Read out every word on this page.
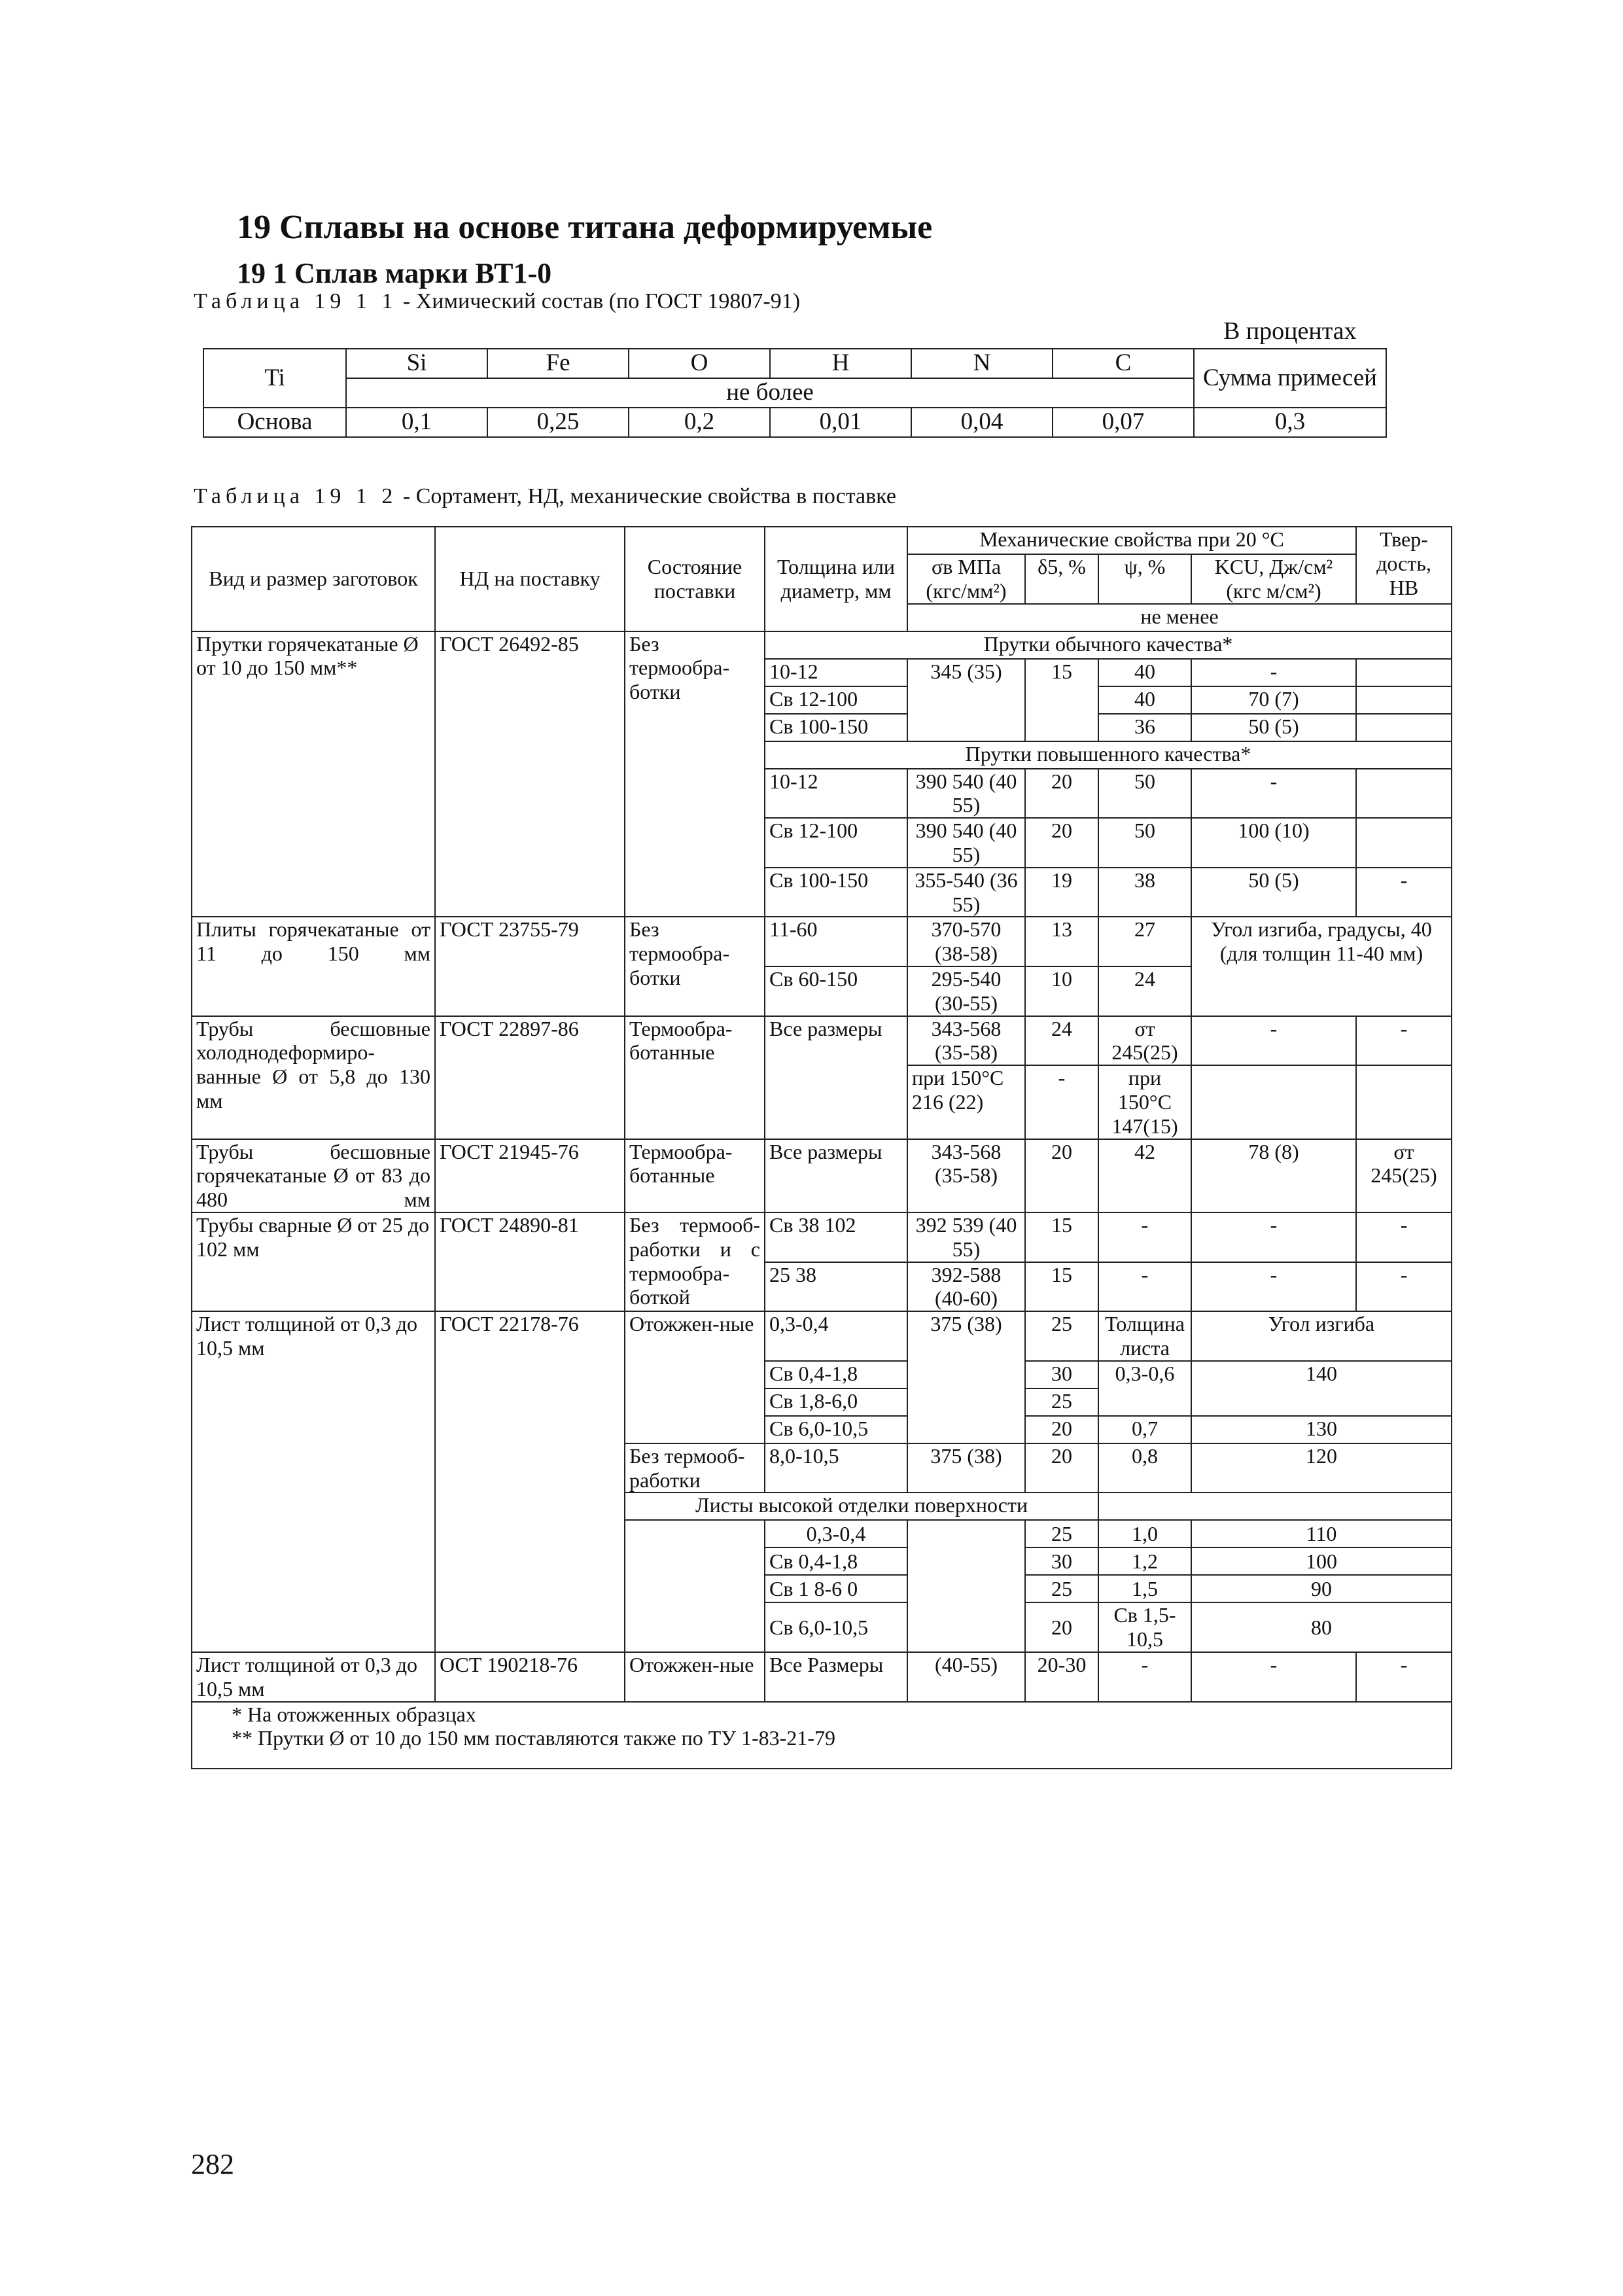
19 Сплавы на основе титана деформируемые
19 1 Сплав марки ВТ1-0
Таблица 19 1 1 - Химический состав (по ГОСТ 19807-91)
В процентах
Ti	Si	Fe	O	H	N	C	Сумма примесей
	не более						
Основа	0,1	0,25	0,2	0,01	0,04	0,07	0,3
Таблица 19 1 2 - Сортамент, НД, механические свойства в поставке
Вид и размер заготовок	НД на поставку	Состояние поставки	Толщина или диаметр, мм	Механические свойства при 20 °С				Твер-дость, НВ
				σв МПа (кгс/мм²)	δ5, %	ψ, %	KCU, Дж/см² (кгс м/см²)	
				не менее				
Прутки горячекатаные Ø от 10 до 150 мм**	ГОСТ 26492-85	Без термообра-ботки	Прутки обычного качества*					
			10-12	345 (35)	15	40	-	
			Св 12-100			40	70 (7)	
			Св 100-150			36	50 (5)	
			Прутки повышенного качества*					
			10-12	390 540 (40 55)	20	50	-	

			Св 12-100	390 540 (40 55)	20	50	100 (10)	

			Св 100-150	355-540 (36 55)	19	38	50 (5)	-

Плиты горячекатаные от 11 до 150 мм	ГОСТ 23755-79	Без термообра-ботки	11-60	370-570 (38-58)	13	27	Угол изгиба, градусы, 40 (для толщин 11-40 мм)	

			Св 60-150	295-540 (30-55)	10	24		

Трубы бесшовные холоднодеформиро-ванные Ø от 5,8 до 130 мм	ГОСТ 22897-86	Термообра-ботанные	Все размеры	343-568 (35-58)	24	σт 245(25)	-	-

				при 150°С 216 (22)	-	при 150°С 147(15)		

Трубы бесшовные горячекатаные Ø от 83 до 480 мм	ГОСТ 21945-76	Термообра-ботанные	Все размеры	343-568 (35-58)	20	42	78 (8)	σт 245(25)

Трубы сварные Ø от 25 до 102 мм	ГОСТ 24890-81	Без термооб-работки и с термообра-боткой	Св 38 102	392 539 (40 55)	15	-	-	-

			25 38	392-588 (40-60)	15	-	-	-

Лист толщиной от 0,3 до 10,5 мм	ГОСТ 22178-76	Отожжен-ные	0,3-0,4	375 (38)	25	Толщина листа	Угол изгиба	
			Св 0,4-1,8		30	0,3-0,6	140	
			Св 1,8-6,0		25			
			Св 6,0-10,5		20	0,7	130	
		Без термооб-работки	8,0-10,5	375 (38)	20	0,8	120	

		Листы высокой отделки поверхности						
			0,3-0,4		25	1,0	110	

			Св 0,4-1,8		30	1,2	100	

			Св 1 8-6 0		25	1,5	90	

			Св 6,0-10,5		20	Св 1,5-10,5	80	

Лист толщиной от 0,3 до 10,5 мм	ОСТ 190218-76	Отожжен-ные	Все Размеры	(40-55)	20-30	-	-	-

* На отожженных образцах
** Прутки Ø от 10 до 150 мм поставляются также по ТУ 1-83-21-79								
282
